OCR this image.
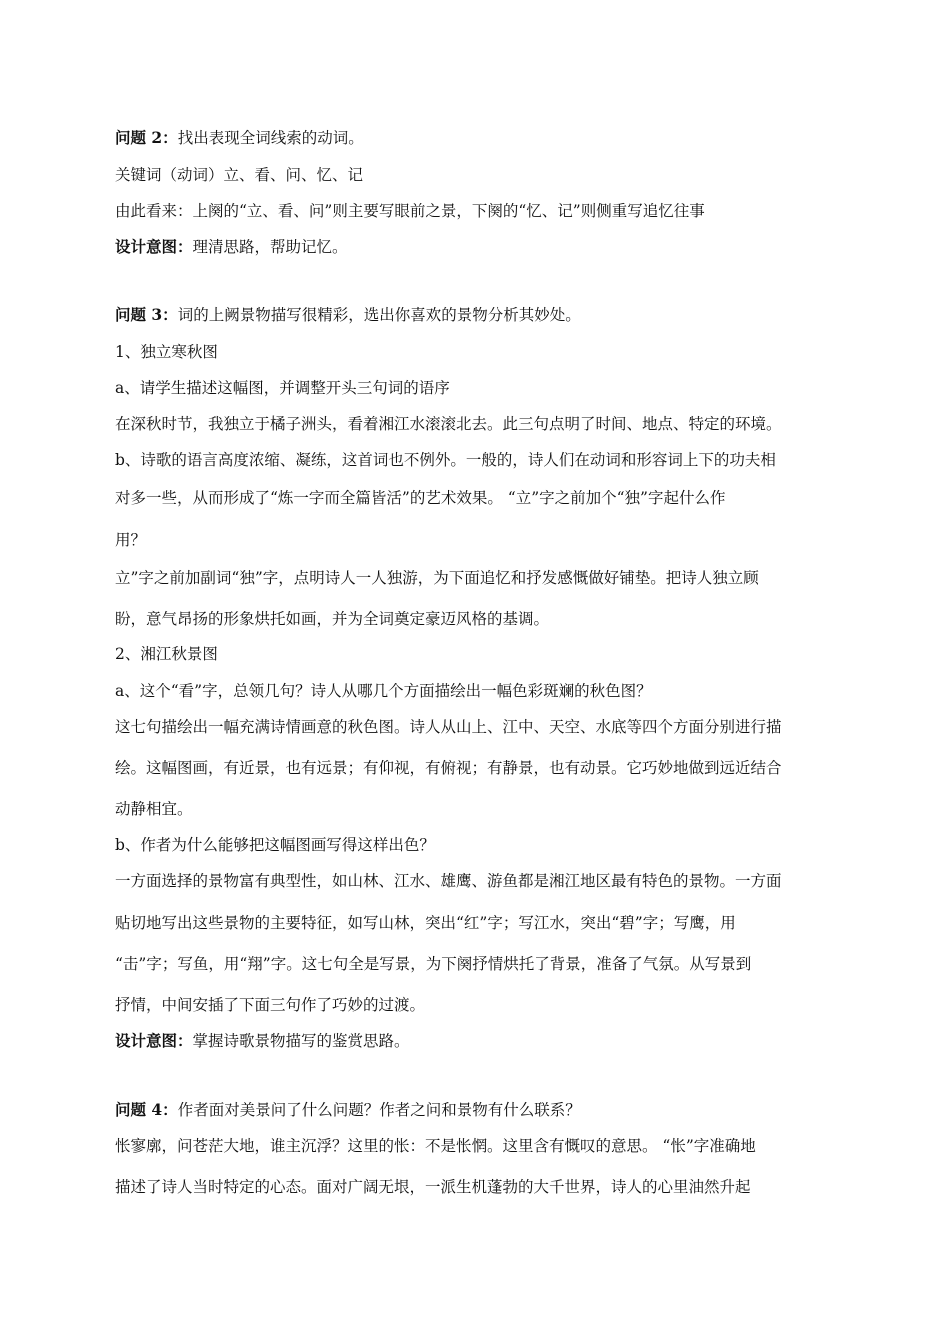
问题 2：找出表现全词线索的动词。
关键词（动词）立、看、问、忆、记
由此看来：上阕的“立、看、问”则主要写眼前之景，下阕的“忆、记”则侧重写追忆往事
设计意图：理清思路，帮助记忆。
问题 3：词的上阙景物描写很精彩，选出你喜欢的景物分析其妙处。
1、独立寒秋图
a、请学生描述这幅图，并调整开头三句词的语序
在深秋时节，我独立于橘子洲头，看着湘江水滚滚北去。此三句点明了时间、地点、特定的环境。
b、诗歌的语言高度浓缩、凝练，这首词也不例外。一般的，诗人们在动词和形容词上下的功夫相
对多一些，从而形成了“炼一字而全篇皆活”的艺术效果。 “立”字之前加个“独”字起什么作
用？
立”字之前加副词“独”字，点明诗人一人独游，为下面追忆和抒发感慨做好铺垫。把诗人独立顾
盼，意气昂扬的形象烘托如画，并为全词奠定豪迈风格的基调。
2、湘江秋景图
a、这个“看”字，总领几句？诗人从哪几个方面描绘出一幅色彩斑斓的秋色图？
这七句描绘出一幅充满诗情画意的秋色图。诗人从山上、江中、天空、水底等四个方面分别进行描
绘。这幅图画，有近景，也有远景；有仰视，有俯视；有静景，也有动景。它巧妙地做到远近结合
动静相宜。
b、作者为什么能够把这幅图画写得这样出色？
一方面选择的景物富有典型性，如山林、江水、雄鹰、游鱼都是湘江地区最有特色的景物。一方面
贴切地写出这些景物的主要特征，如写山林，突出“红”字；写江水，突出“碧”字；写鹰，用
“击”字；写鱼，用“翔”字。这七句全是写景，为下阕抒情烘托了背景，准备了气氛。从写景到
抒情，中间安插了下面三句作了巧妙的过渡。
设计意图：掌握诗歌景物描写的鉴赏思路。
问题 4：作者面对美景问了什么问题？作者之问和景物有什么联系？
怅寥廓，问苍茫大地，谁主沉浮？这里的怅：不是怅惘。这里含有慨叹的意思。 “怅”字准确地
描述了诗人当时特定的心态。面对广阔无垠，一派生机蓬勃的大千世界，诗人的心里油然升起
